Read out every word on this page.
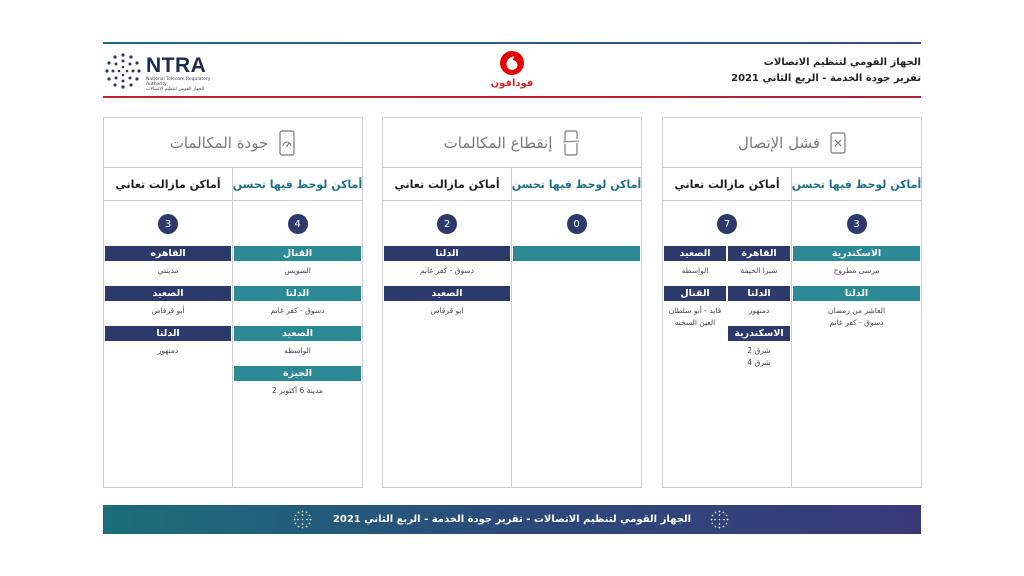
NTRA
National Telecom Regulatory Authority
الجهاز القومي لتنظيم الاتصالات
فودافون
الجهاز القومي لتنظيم الاتصالات
تقرير جودة الخدمة - الربع الثاني 2021
فشل الإتصال
أماكن لوحظ فيها تحسن
3
الاسكندرية
مرسى مطروح
الدلتا
العاشر من رمضان
دسوق - كفر غانم
أماكن مازالت تعاني
7
القاهرة
شبرا الخيمة
الدلتا
دمنهور
الاسكندرية
شرق 2
شرق 4
الصعيد
الواسطه
القنال
فايد - أبو سلطان
العين السخنه
إنقطاع المكالمات
أماكن لوحظ فيها تحسن
0
أماكن مازالت تعاني
2
الدلتا
دسوق - كفر غانم
الصعيد
ابو قرقاص
جودة المكالمات
أماكن لوحظ فيها تحسن
4
القنال
السويس
الدلتا
دسوق - كفر غانم
الصعيد
الواسطه
الجيزة
مدينة 6 أكتوبر 2
أماكن مازالت تعاني
3
القاهره
مدينتي
الصعيد
أبو قرقاص
الدلتا
دمنهور
الجهاز القومي لتنظيم الاتصالات - تقرير جودة الخدمة - الربع الثاني 2021
